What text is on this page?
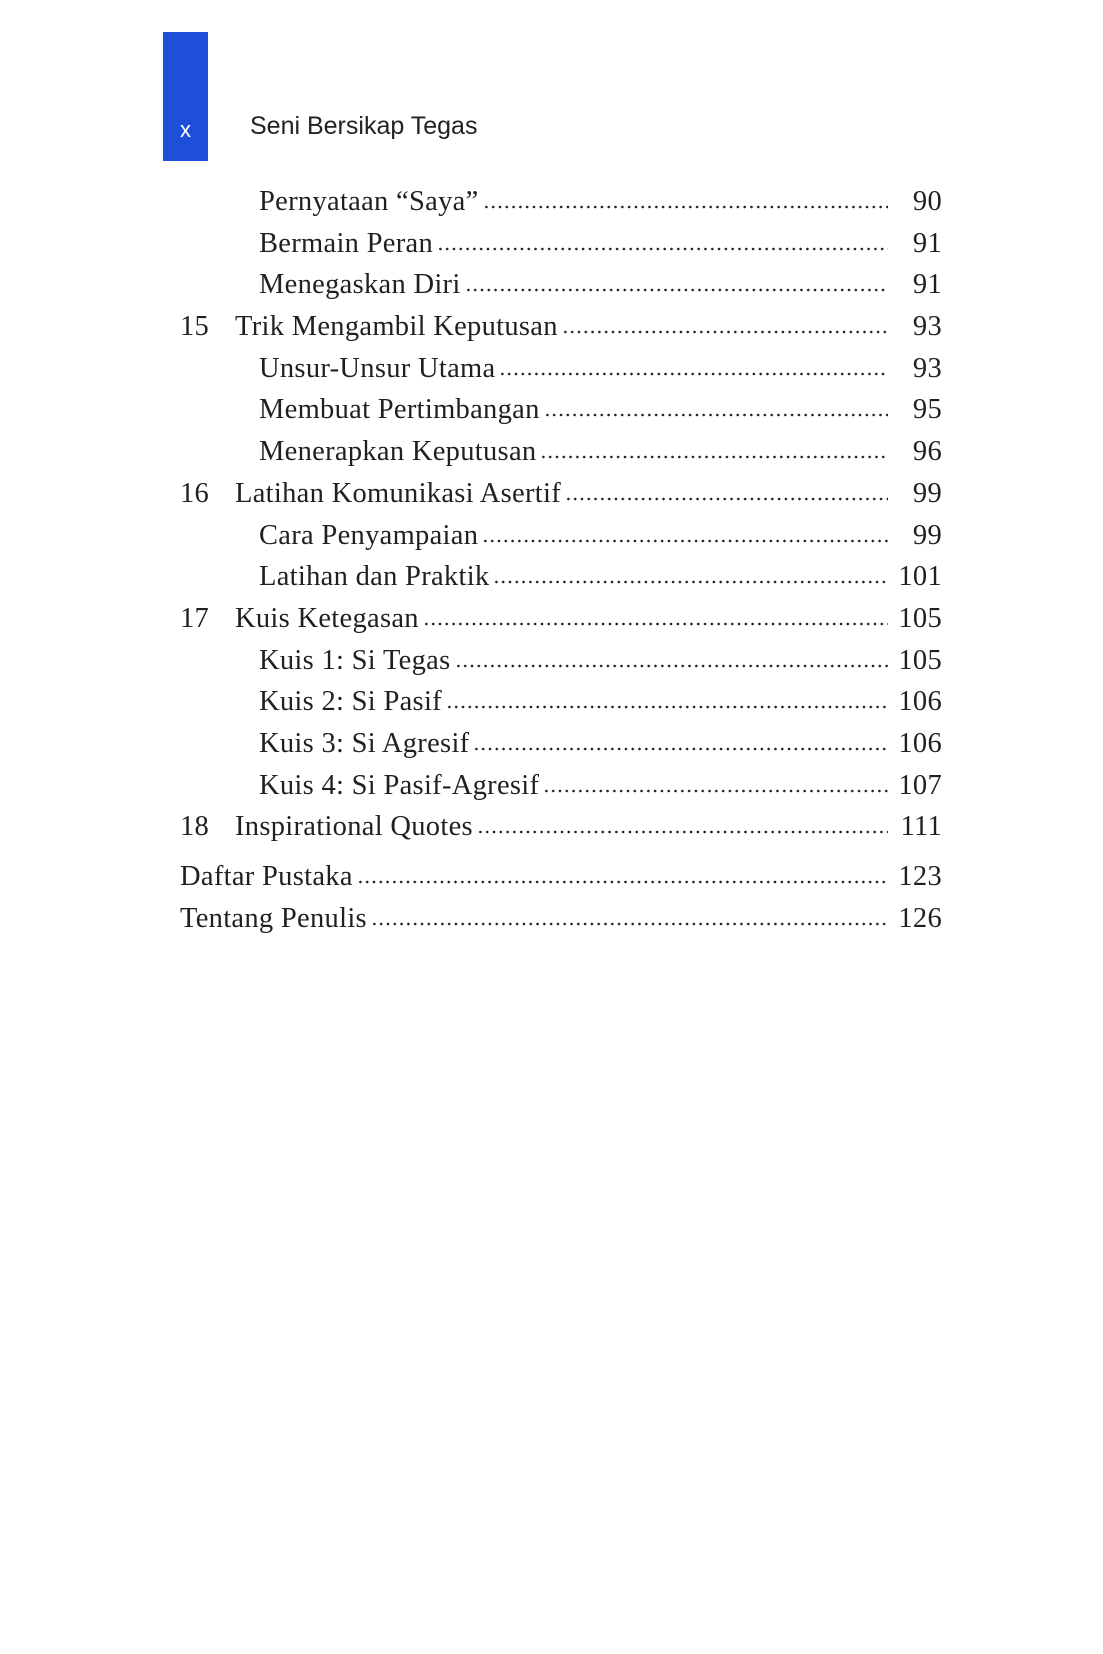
x	Seni Bersikap Tegas
Pernyataan “Saya”	90
Bermain Peran	91
Menegaskan Diri	91
15 Trik Mengambil Keputusan	93
Unsur-Unsur Utama	93
Membuat Pertimbangan	95
Menerapkan Keputusan	96
16 Latihan Komunikasi Asertif	99
Cara Penyampaian	99
Latihan dan Praktik	101
17 Kuis Ketegasan	105
Kuis 1: Si Tegas	105
Kuis 2: Si Pasif	106
Kuis 3: Si Agresif	106
Kuis 4: Si Pasif-Agresif	107
18 Inspirational Quotes	111
Daftar Pustaka	123
Tentang Penulis	126
